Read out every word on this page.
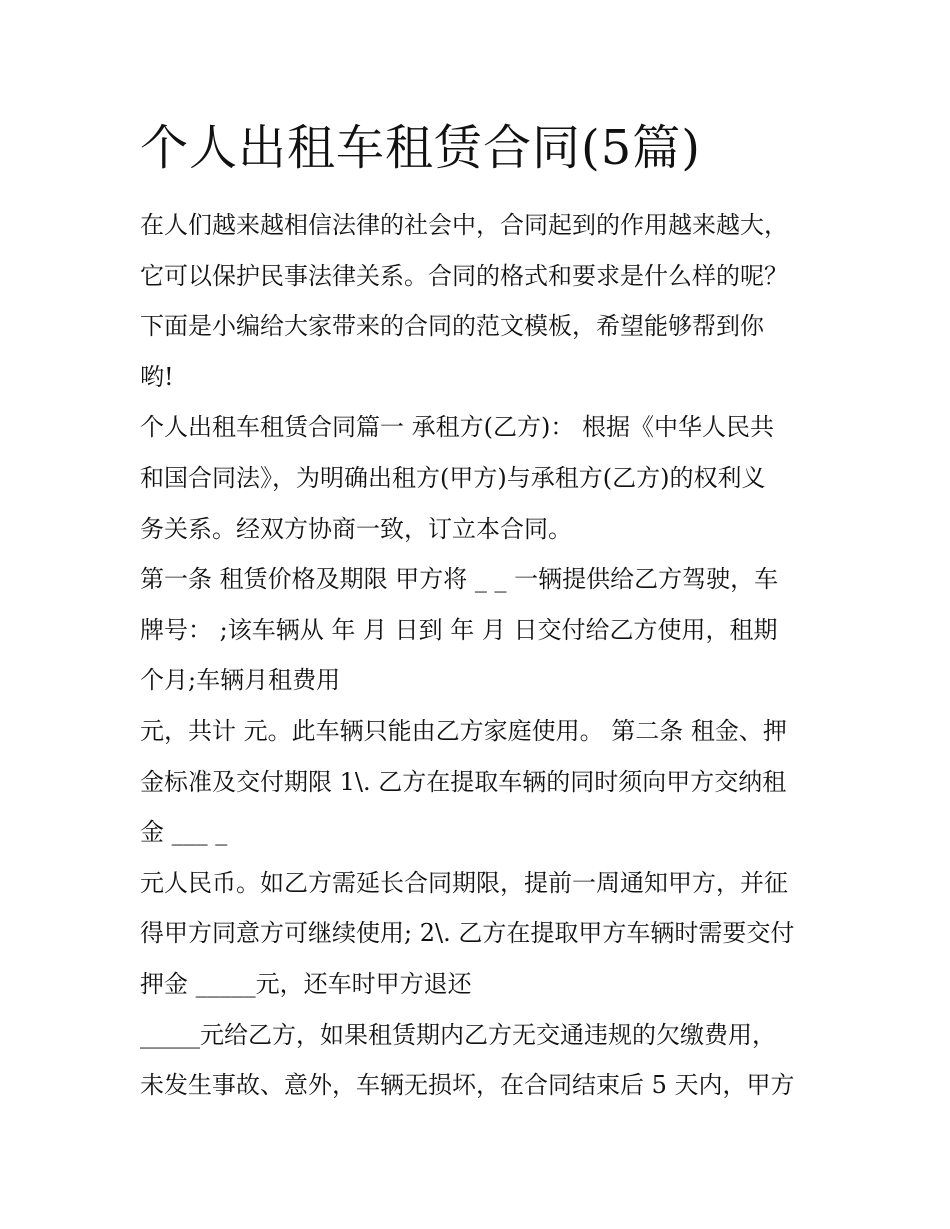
个人出租车租赁合同(5篇)
在人们越来越相信法律的社会中，合同起到的作用越来越大，
它可以保护民事法律关系。合同的格式和要求是什么样的呢？
下面是小编给大家带来的合同的范文模板，希望能够帮到你
哟!
个人出租车租赁合同篇一 承租方(乙方)： 根据《中华人民共
和国合同法》，为明确出租方(甲方)与承租方(乙方)的权利义
务关系。经双方协商一致，订立本合同。
第一条 租赁价格及期限 甲方将 _ _ 一辆提供给乙方驾驶，车
牌号： ;该车辆从 年 月 日到 年 月 日交付给乙方使用，租期
个月;车辆月租费用
元，共计 元。此车辆只能由乙方家庭使用。 第二条 租金、押
金标准及交付期限 1\. 乙方在提取车辆的同时须向甲方交纳租
金 ___ _
元人民币。如乙方需延长合同期限，提前一周通知甲方，并征
得甲方同意方可继续使用; 2\. 乙方在提取甲方车辆时需要交付
押金 _____元，还车时甲方退还
_____元给乙方，如果租赁期内乙方无交通违规的欠缴费用，
未发生事故、意外，车辆无损坏，在合同结束后 5 天内，甲方
